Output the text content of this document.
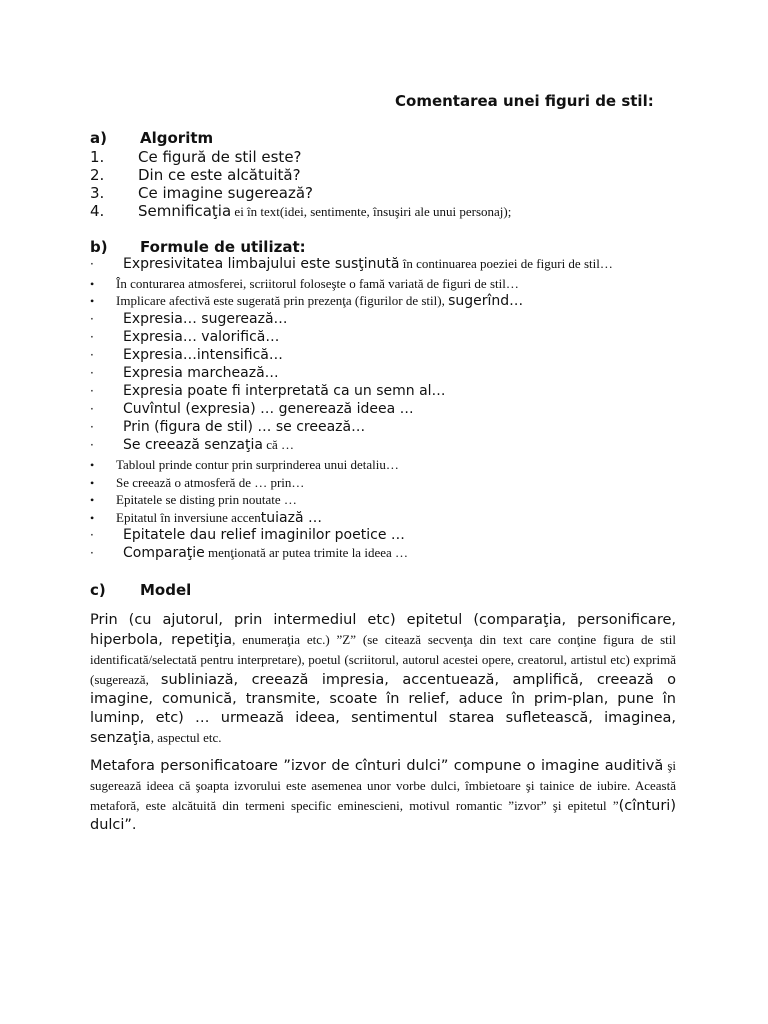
Comentarea unei figuri de stil:
a) Algoritm
1. Ce figură de stil este?
2. Din ce este alcătuită?
3. Ce imagine sugerează?
4. Semnificaţia ei în text(idei, sentimente, însuşiri ale unui personaj);
b) Formule de utilizat:
· Expresivitatea limbajului este susţinută în continuarea poeziei de figuri de stil…
• În conturarea atmosferei, scriitorul foloseşte o famă variată de figuri de stil…
• Implicare afectivă este sugerată prin prezenţa (figurilor de stil), sugerînd…
· Expresia… sugerează…
· Expresia… valorifică…
· Expresia…intensifică…
· Expresia marchează…
· Expresia poate fi interpretată ca un semn al…
· Cuvîntul (expresia) … generează ideea …
· Prin (figura de stil) … se creează…
· Se creează senzaţia că …
• Tabloul prinde contur prin surprinderea unui detaliu…
• Se creează o atmosferă de … prin…
• Epitatele se disting prin noutate …
• Epitatul în inversiune accentuiază …
· Epitatele dau relief imaginilor poetice …
· Comparaţie menţionată ar putea trimite la ideea …
c) Model
Prin (cu ajutorul, prin intermediul etc) epitetul (comparaţia, personificare, hiperbola, repetiţia, enumeraţia etc.) ”Z” (se citează secvenţa din text care conţine figura de stil identificată/selectată pentru interpretare), poetul (scriitorul, autorul acestei opere, creatorul, artistul etc) exprimă (sugerează, subliniază, creează impresia, accentuează, amplifică, creează o imagine, comunică, transmite, scoate în relief, aduce în prim-plan, pune în luminp, etc) … urmează ideea, sentimentul starea sufletească, imaginea, senzaţia, aspectul etc.
Metafora personificatoare ”izvor de cînturi dulci” compune o imagine auditivă şi sugerează ideea că şoapta izvorului este asemenea unor vorbe dulci, îmbietoare şi tainice de iubire. Această metaforă, este alcătuită din termeni specific eminescieni, motivul romantic ”izvor” şi epitetul ”(cînturi) dulci”.
